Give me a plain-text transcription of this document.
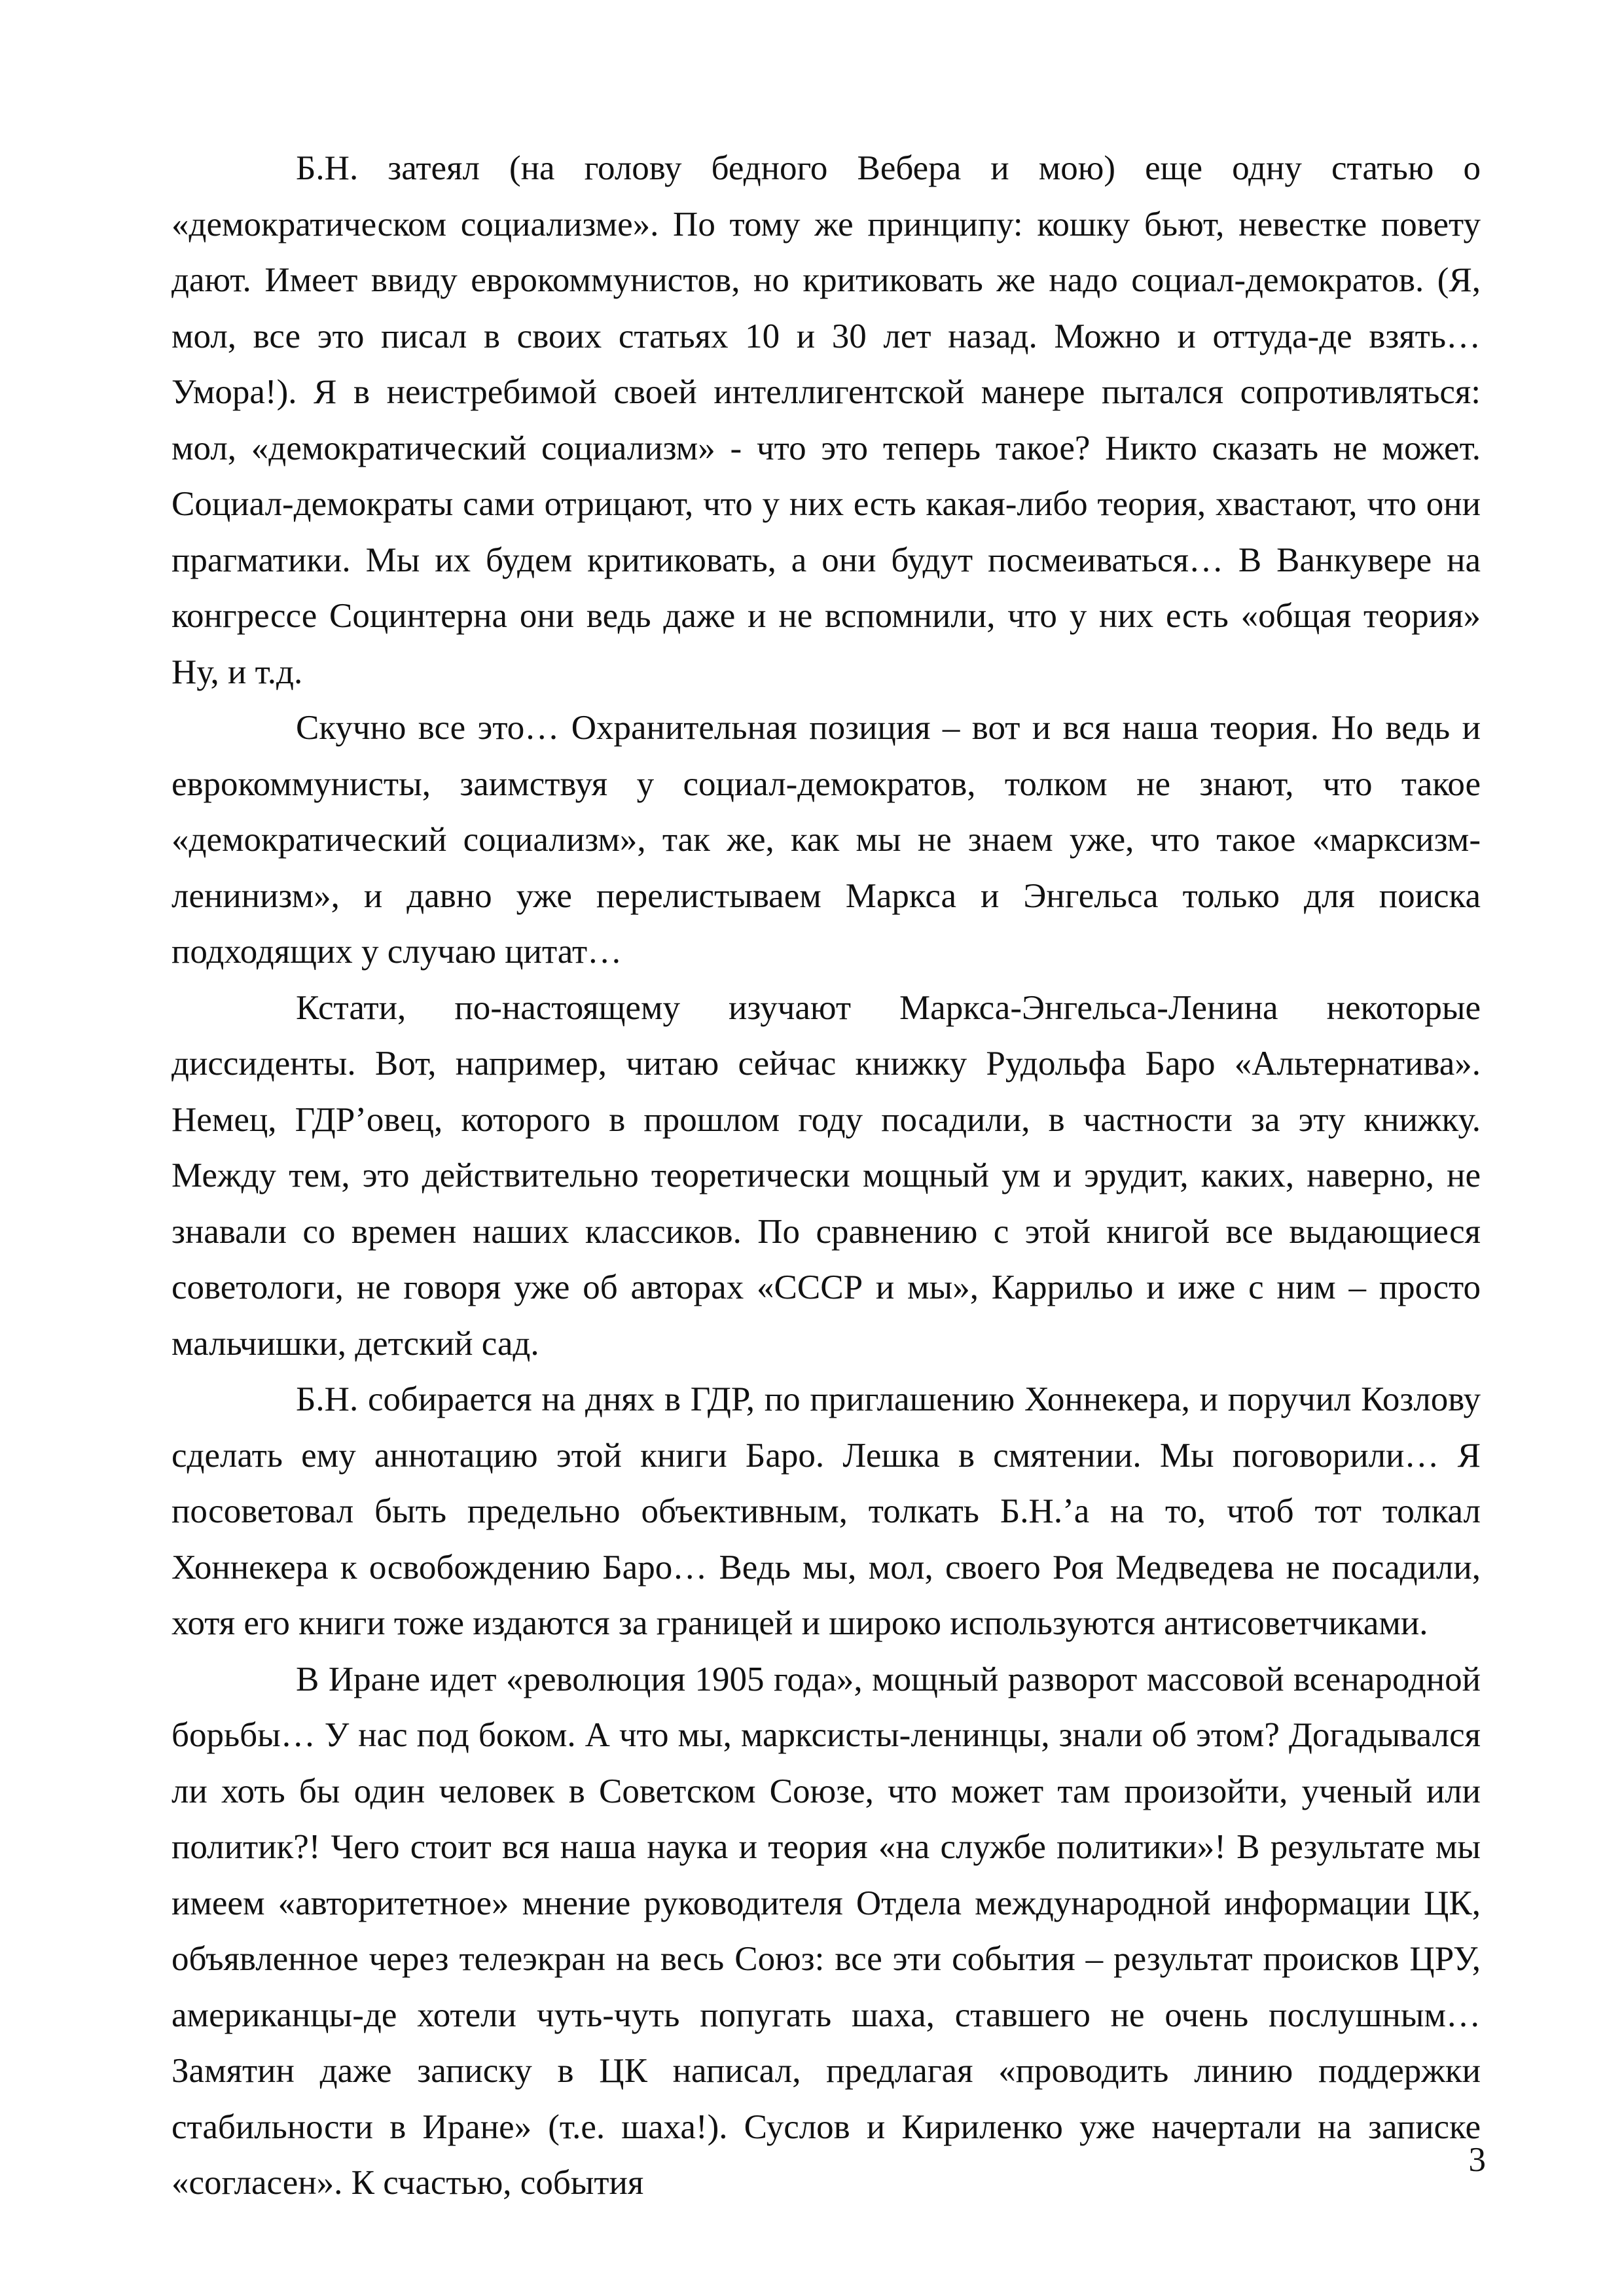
Б.Н. затеял (на голову бедного Вебера и мою) еще одну статью о «демократическом социализме». По тому же принципу: кошку бьют, невестке повету дают. Имеет ввиду еврокоммунистов, но критиковать же надо социал-демократов. (Я, мол, все это писал в своих статьях 10 и 30 лет назад. Можно и оттуда-де взять… Умора!). Я в неистребимой своей интеллигентской манере пытался сопротивляться: мол, «демократический социализм» - что это теперь такое? Никто сказать не может. Социал-демократы сами отрицают, что у них есть какая-либо теория, хвастают, что они прагматики. Мы их будем критиковать, а они будут посмеиваться… В Ванкувере на конгрессе Социнтерна они ведь даже и не вспомнили, что у них есть «общая теория» Ну, и т.д.

Скучно все это… Охранительная позиция – вот и вся наша теория. Но ведь и еврокоммунисты, заимствуя у социал-демократов, толком не знают, что такое «демократический социализм», так же, как мы не знаем уже, что такое «марксизм-ленинизм», и давно уже перелистываем Маркса и Энгельса только для поиска подходящих у случаю цитат…

Кстати, по-настоящему изучают Маркса-Энгельса-Ленина некоторые диссиденты. Вот, например, читаю сейчас книжку Рудольфа Баро «Альтернатива». Немец, ГДР’овец, которого в прошлом году посадили, в частности за эту книжку. Между тем, это действительно теоретически мощный ум и эрудит, каких, наверно, не знавали со времен наших классиков. По сравнению с этой книгой все выдающиеся советологи, не говоря уже об авторах «СССР и мы», Каррильо и иже с ним – просто мальчишки, детский сад.

Б.Н. собирается на днях в ГДР, по приглашению Хоннекера, и поручил Козлову сделать ему аннотацию этой книги Баро. Лешка в смятении. Мы поговорили… Я посоветовал быть предельно объективным, толкать Б.Н.’а на то, чтоб тот толкал Хоннекера к освобождению Баро… Ведь мы, мол, своего Роя Медведева не посадили, хотя его книги тоже издаются за границей и широко используются антисоветчиками.

В Иране идет «революция 1905 года», мощный разворот массовой всенародной борьбы… У нас под боком. А что мы, марксисты-ленинцы, знали об этом? Догадывался ли хоть бы один человек в Советском Союзе, что может там произойти, ученый или политик?! Чего стоит вся наша наука и теория «на службе политики»! В результате мы имеем «авторитетное» мнение руководителя Отдела международной информации ЦК, объявленное через телеэкран на весь Союз: все эти события – результат происков ЦРУ, американцы-де хотели чуть-чуть попугать шаха, ставшего не очень послушным… Замятин даже записку в ЦК написал, предлагая «проводить линию поддержки стабильности в Иране» (т.е. шаха!). Суслов и Кириленко уже начертали на записке «согласен». К счастью, события

3
